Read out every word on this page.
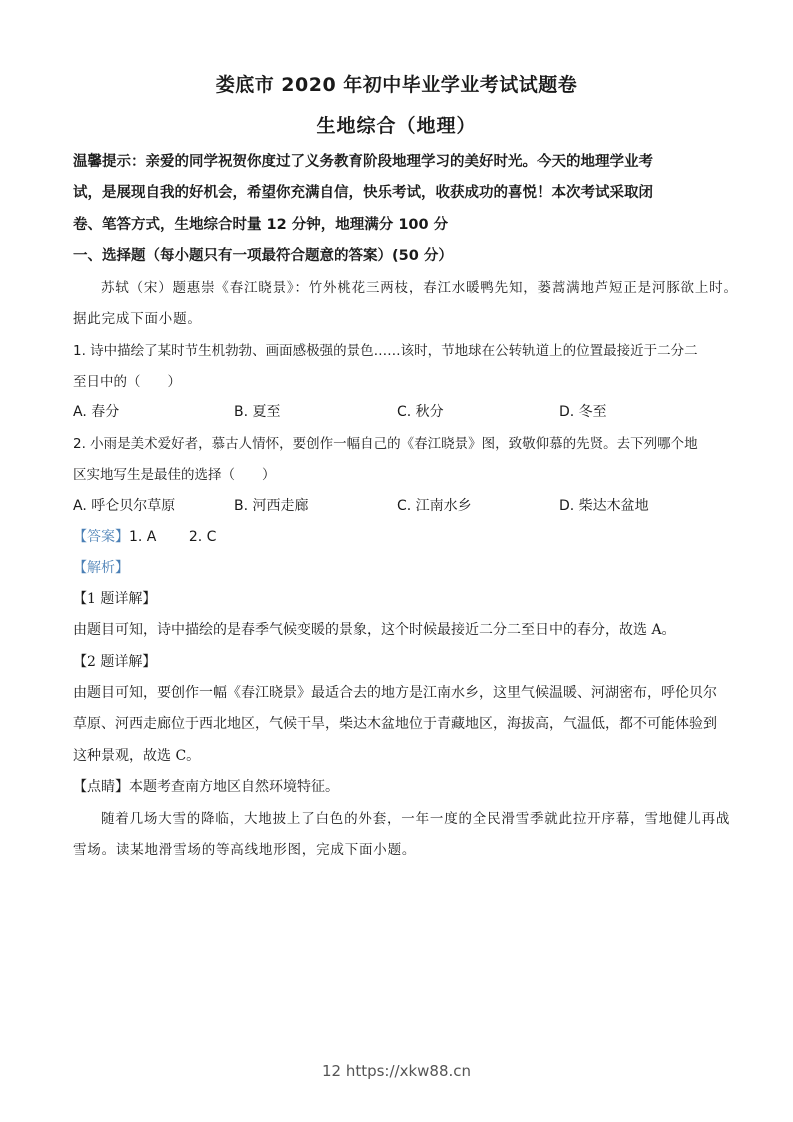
娄底市 2020 年初中毕业学业考试试题卷
生地综合（地理）
温馨提示：亲爱的同学祝贺你度过了义务教育阶段地理学习的美好时光。今天的地理学业考
试，是展现自我的好机会，希望你充满自信，快乐考试，收获成功的喜悦！本次考试采取闭
卷、笔答方式，生地综合时量 12 分钟，地理满分 100 分
一、选择题（每小题只有一项最符合题意的答案）(50 分）
苏轼（宋）题惠崇《春江晓景》：竹外桃花三两枝，春江水暖鸭先知，蒌蒿满地芦短正是河豚欲上时。
据此完成下面小题。
1. 诗中描绘了某时节生机勃勃、画面感极强的景色……该时，节地球在公转轨道上的位置最接近于二分二
至日中的（　　）
A. 春分	B. 夏至	C. 秋分	D. 冬至
2. 小雨是美术爱好者，慕古人情怀，要创作一幅自己的《春江晓景》图，致敬仰慕的先贤。去下列哪个地
区实地写生是最佳的选择（　　）
A. 呼仑贝尔草原	B. 河西走廊	C. 江南水乡	D. 柴达木盆地
【答案】1. A　　 2. C
【解析】
【1 题详解】
由题目可知，诗中描绘的是春季气候变暖的景象，这个时候最接近二分二至日中的春分，故选 A。
【2 题详解】
由题目可知，要创作一幅《春江晓景》最适合去的地方是江南水乡，这里气候温暖、河湖密布，呼伦贝尔
草原、河西走廊位于西北地区，气候干旱，柴达木盆地位于青藏地区，海拔高，气温低，都不可能体验到
这种景观，故选 C。
【点睛】本题考查南方地区自然环境特征。
随着几场大雪的降临，大地披上了白色的外套，一年一度的全民滑雪季就此拉开序幕，雪地健儿再战
雪场。读某地滑雪场的等高线地形图，完成下面小题。
12 https://xkw88.cn
